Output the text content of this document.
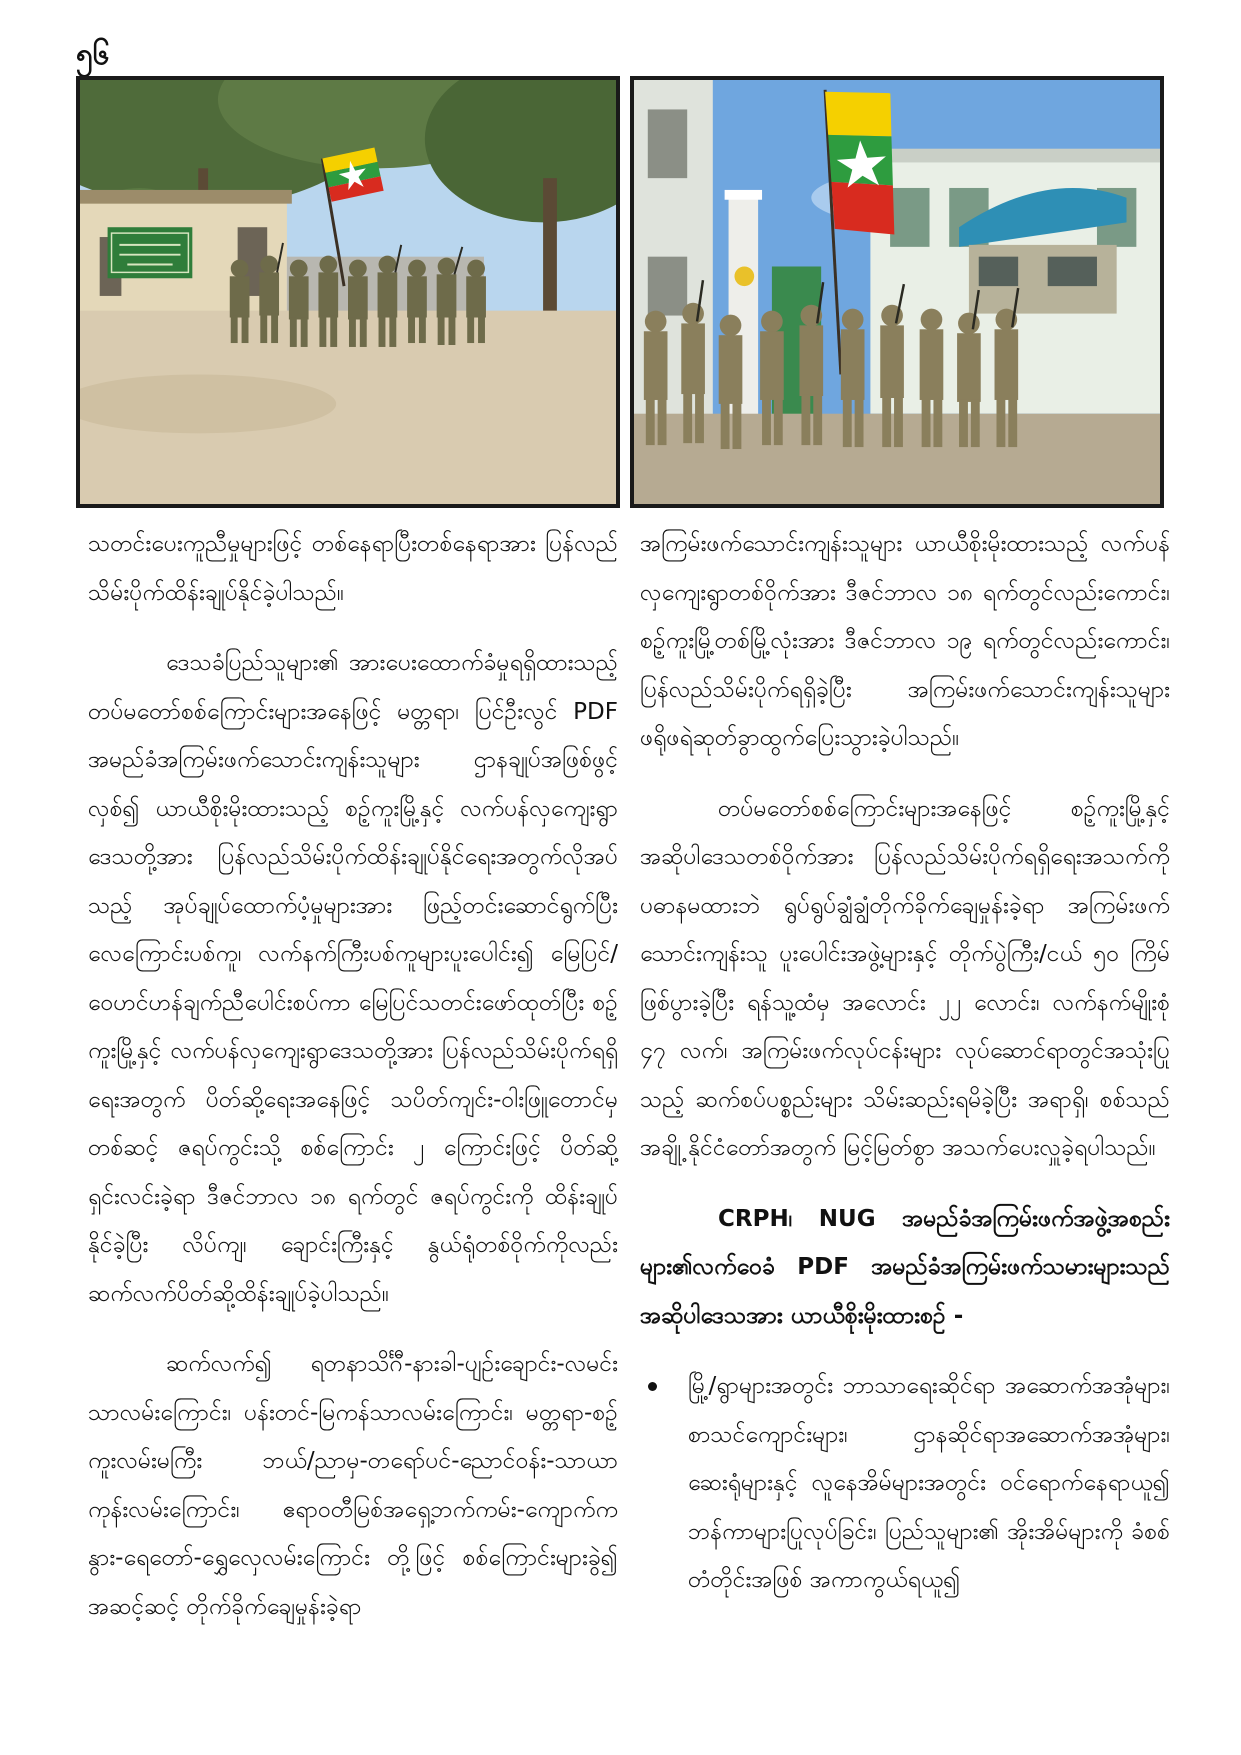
၅၆

သတင်းပေးကူညီမှုများဖြင့် တစ်နေရာပြီးတစ်နေရာအား ပြန်လည်သိမ်းပိုက်ထိန်းချုပ်နိုင်ခဲ့ပါသည်။

ဒေသခံပြည်သူများ၏ အားပေးထောက်ခံမှုရရှိထားသည့် တပ်မတော်စစ်ကြောင်းများအနေဖြင့် မတ္တရာ၊ ပြင်ဦးလွင် PDF အမည်ခံအကြမ်းဖက်သောင်းကျန်းသူများ ဌာနချုပ်အဖြစ်ဖွင့်လှစ်၍ ယာယီစိုးမိုးထားသည့် စဥ့်ကူးမြို့နှင့် လက်ပန်လှကျေးရွာဒေသတို့အား ပြန်လည်သိမ်းပိုက်ထိန်းချုပ်နိုင်ရေးအတွက်လိုအပ်သည့် အုပ်ချုပ်ထောက်ပံ့မှုများအား ဖြည့်တင်းဆောင်ရွက်ပြီး လေကြောင်းပစ်ကူ၊ လက်နက်ကြီးပစ်ကူများပူးပေါင်း၍ မြေပြင်/ ဝေဟင်ဟန်ချက်ညီပေါင်းစပ်ကာ မြေပြင်သတင်းဖော်ထုတ်ပြီး စဥ့်ကူးမြို့နှင့် လက်ပန်လှကျေးရွာဒေသတို့အား ပြန်လည်သိမ်းပိုက်ရရှိရေးအတွက် ပိတ်ဆို့ရေးအနေဖြင့် သပိတ်ကျင်း-ဝါးဖြူတောင်မှတစ်ဆင့် ဇရပ်ကွင်းသို့ စစ်ကြောင်း ၂ ကြောင်းဖြင့် ပိတ်ဆို့ရှင်းလင်းခဲ့ရာ ဒီဇင်ဘာလ ၁၈ ရက်တွင် ဇရပ်ကွင်းကို ထိန်းချုပ်နိုင်ခဲ့ပြီး လိပ်ကျ၊ ချောင်းကြီးနှင့် နွယ်ရုံတစ်ဝိုက်ကိုလည်း ဆက်လက်ပိတ်ဆို့ထိန်းချုပ်ခဲ့ပါသည်။

ဆက်လက်၍ ရတနာသိင်္ဂီ-နားခါ-ပျဉ်းချောင်း-လမင်းသာလမ်းကြောင်း၊ ပန်းတင်-မြကန်သာလမ်းကြောင်း၊ မတ္တရာ-စဥ့်ကူးလမ်းမကြီး ဘယ်/ညာမှ-တရော်ပင်-ညောင်ဝန်း-သာယာကုန်းလမ်းကြောင်း၊ ဧရာဝတီမြစ်အရှေ့ဘက်ကမ်း-ကျောက်ကနွား-ရေတော်-ရွှေလှေလမ်းကြောင်း တို့ဖြင့် စစ်ကြောင်းများခွဲ၍ အဆင့်ဆင့် တိုက်ခိုက်ချေမှုန်းခဲ့ရာ

အကြမ်းဖက်သောင်းကျန်းသူများ ယာယီစိုးမိုးထားသည့် လက်ပန်လှကျေးရွာတစ်ဝိုက်အား ဒီဇင်ဘာလ ၁၈ ရက်တွင်လည်းကောင်း၊ စဥ့်ကူးမြို့တစ်မြို့လုံးအား ဒီဇင်ဘာလ ၁၉ ရက်တွင်လည်းကောင်း၊ ပြန်လည်သိမ်းပိုက်ရရှိခဲ့ပြီး အကြမ်းဖက်သောင်းကျန်းသူများ ဖရိုဖရဲဆုတ်ခွာထွက်ပြေးသွားခဲ့ပါသည်။

တပ်မတော်စစ်ကြောင်းများအနေဖြင့် စဥ့်ကူးမြို့နှင့် အဆိုပါဒေသတစ်ဝိုက်အား ပြန်လည်သိမ်းပိုက်ရရှိရေးအသက်ကိုပဓာနမထားဘဲ ရွပ်ရွပ်ချွံချွံတိုက်ခိုက်ချေမှုန်းခဲ့ရာ အကြမ်းဖက်သောင်းကျန်းသူ ပူးပေါင်းအဖွဲ့များနှင့် တိုက်ပွဲကြီး/ငယ် ၅၀ ကြိမ်ဖြစ်ပွားခဲ့ပြီး ရန်သူ့ထံမှ အလောင်း ၂၂ လောင်း၊ လက်နက်မျိုးစုံ ၄၇ လက်၊ အကြမ်းဖက်လုပ်ငန်းများ လုပ်ဆောင်ရာတွင်အသုံးပြုသည့် ဆက်စပ်ပစ္စည်းများ သိမ်းဆည်းရမိခဲ့ပြီး အရာရှိ၊ စစ်သည်အချို့ နိုင်ငံတော်အတွက် မြင့်မြတ်စွာ အသက်ပေးလှူခဲ့ရပါသည်။

CRPH၊ NUG အမည်ခံအကြမ်းဖက်အဖွဲ့အစည်းများ၏လက်ဝေခံ PDF အမည်ခံအကြမ်းဖက်သမားများသည် အဆိုပါဒေသအား ယာယီစိုးမိုးထားစဉ် -

မြို့/ရွာများအတွင်း ဘာသာရေးဆိုင်ရာ အဆောက်အအုံများ၊ စာသင်ကျောင်းများ၊ ဌာနဆိုင်ရာအဆောက်အအုံများ၊ ဆေးရုံများနှင့် လူနေအိမ်များအတွင်း ဝင်ရောက်နေရာယူ၍ ဘန်ကာများပြုလုပ်ခြင်း၊ ပြည်သူများ၏ အိုးအိမ်များကို ခံစစ်တံတိုင်းအဖြစ် အကာကွယ်ရယူ၍
